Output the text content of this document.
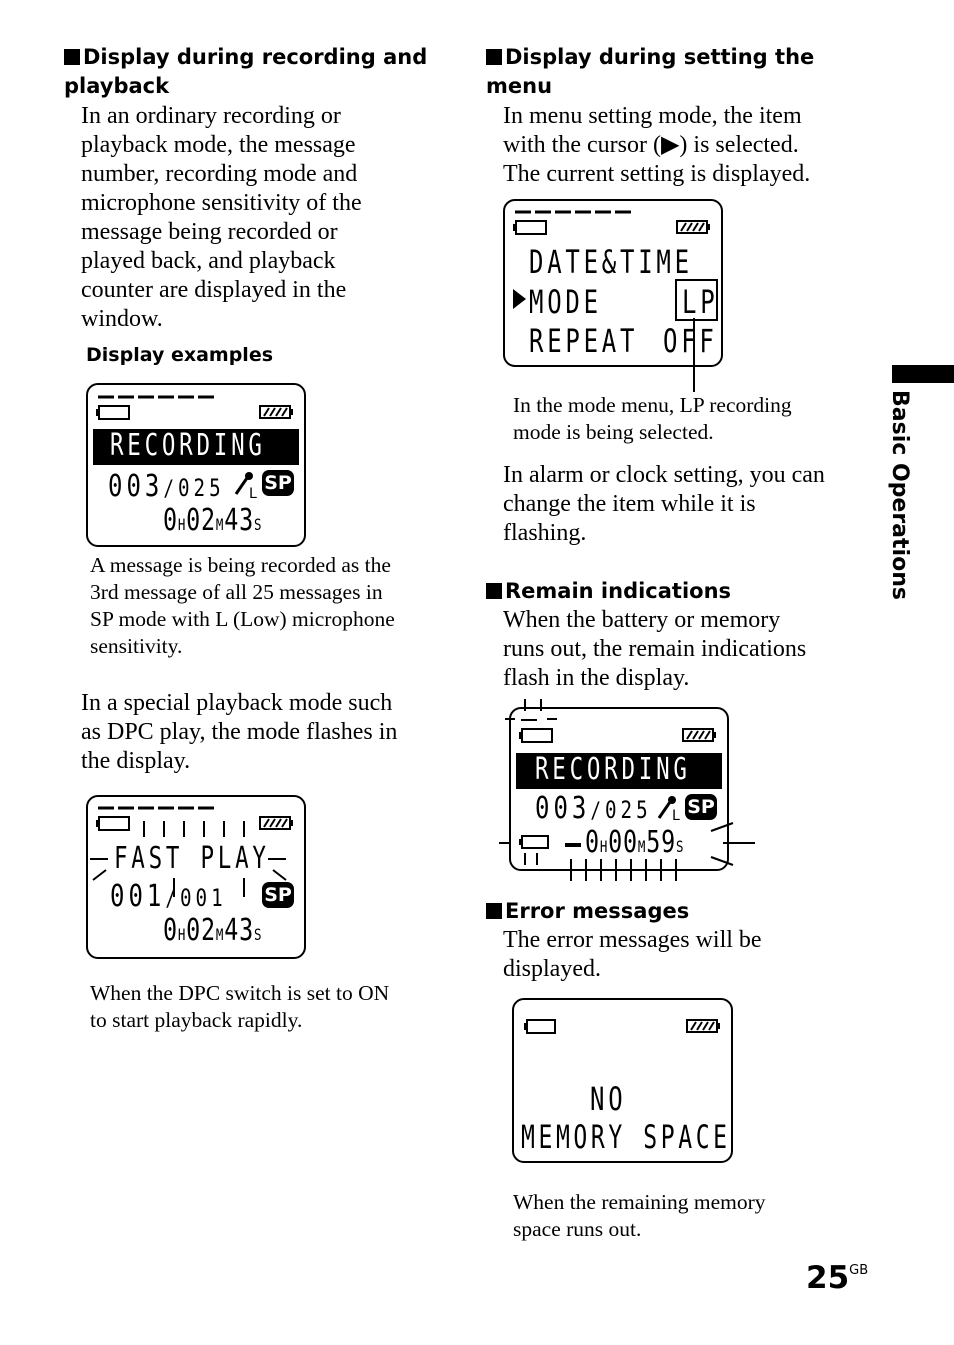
Display during recording and playback
In an ordinary recording or
playback mode, the message
number, recording mode and
microphone sensitivity of the
message being recorded or
played back, and playback
counter are displayed in the
window.
Display examples
RECORDING
003/025 L SP
0H02M43S
A message is being recorded as the
3rd message of all 25 messages in
SP mode with L (Low) microphone
sensitivity.
In a special playback mode such
as DPC play, the mode flashes in
the display.
FAST PLAY
001/001 SP
0H02M43S
When the DPC switch is set to ON
to start playback rapidly.
Display during setting the menu
In menu setting mode, the item
with the cursor (▶) is selected.
The current setting is displayed.
DATE&TIME
MODE	LP
REPEAT OFF
In the mode menu, LP recording
mode is being selected.
In alarm or clock setting, you can
change the item while it is
flashing.
Remain indications
When the battery or memory
runs out, the remain indications
flash in the display.
RECORDING
003/025 L SP
0H00M59S
Error messages
The error messages will be
displayed.
NO
MEMORY SPACE
When the remaining memory
space runs out.
Basic Operations
$25^{GB}$
